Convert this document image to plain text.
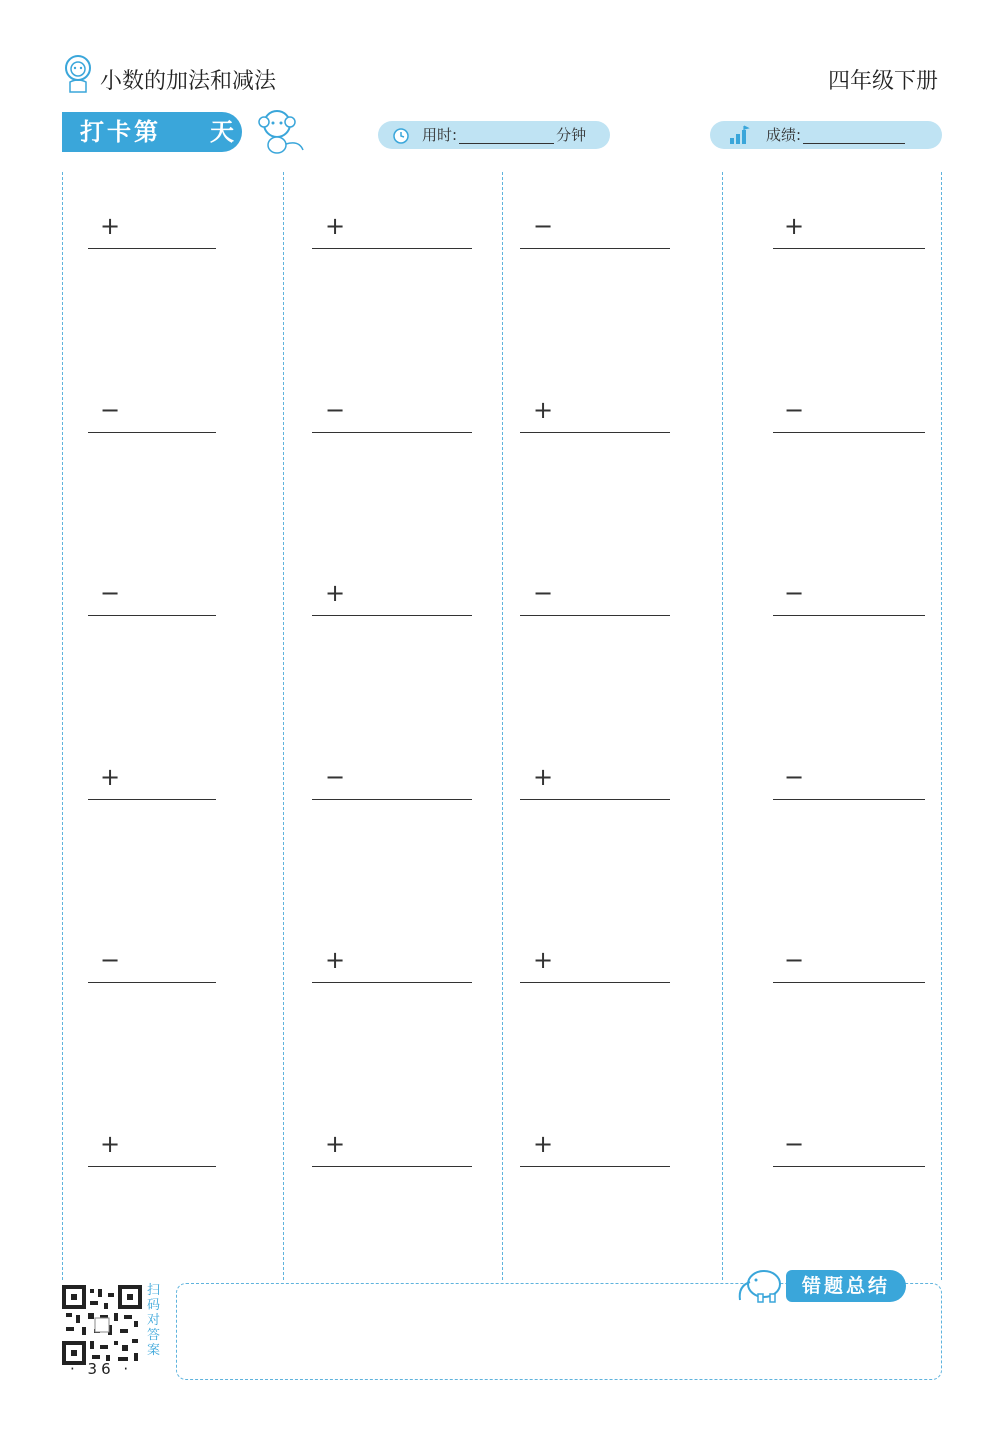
小数的加法和减法	四年级下册
打卡第 天	用时:	分钟	成绩:
+	+	−	+
−	−	+	−
−	+	−	−
+	−	+	−
−	+	+	−
+	+	+	−
错题总结
扫码对答案
· 36 ·
